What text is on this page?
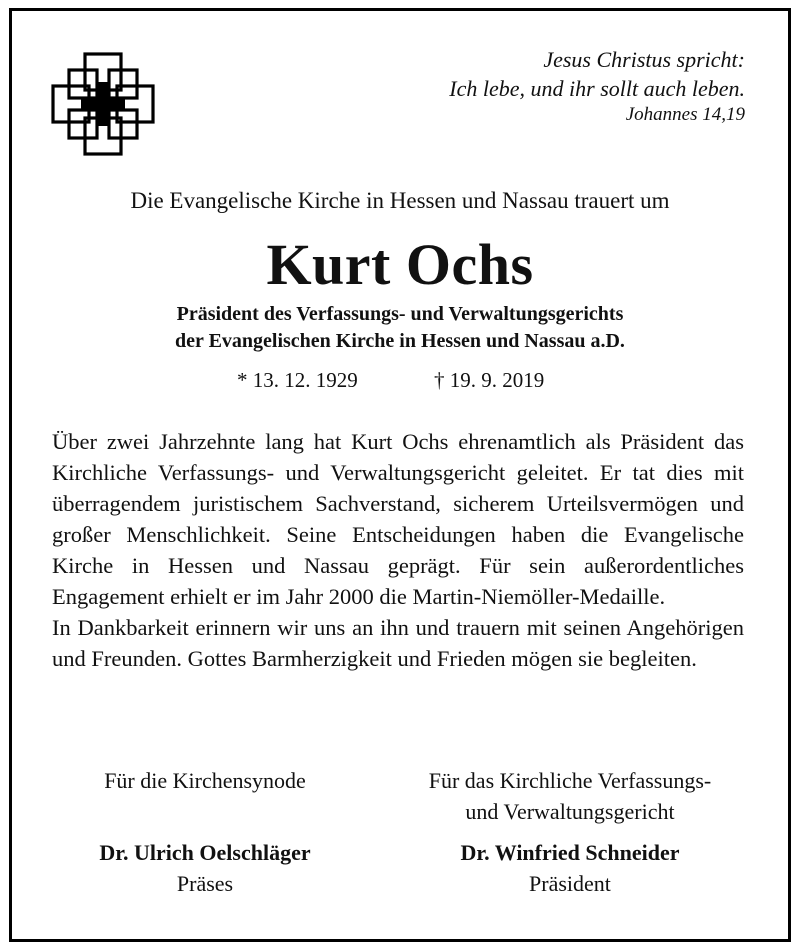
Jesus Christus spricht:
Ich lebe, und ihr sollt auch leben.
Johannes 14,19
Die Evangelische Kirche in Hessen und Nassau trauert um
Kurt Ochs
Präsident des Verfassungs- und Verwaltungsgerichts
der Evangelischen Kirche in Hessen und Nassau a.D.
* 13. 12. 1929	† 19. 9. 2019

Über zwei Jahrzehnte lang hat Kurt Ochs ehrenamtlich als Präsident das Kirchliche Verfassungs- und Verwaltungsgericht geleitet. Er tat dies mit überragendem juristischem Sachverstand, sicherem Urteilsvermögen und großer Menschlichkeit. Seine Entscheidungen haben die Evangelische Kirche in Hessen und Nassau geprägt. Für sein außerordentliches Engagement erhielt er im Jahr 2000 die Martin-Niemöller-Medaille.

In Dankbarkeit erinnern wir uns an ihn und trauern mit seinen Angehörigen und Freunden. Gottes Barmherzigkeit und Frieden mögen sie begleiten.

Für die Kirchensynode
Dr. Ulrich Oelschläger
Präses
Für das Kirchliche Verfassungs-
und Verwaltungsgericht
Dr. Winfried Schneider
Präsident
